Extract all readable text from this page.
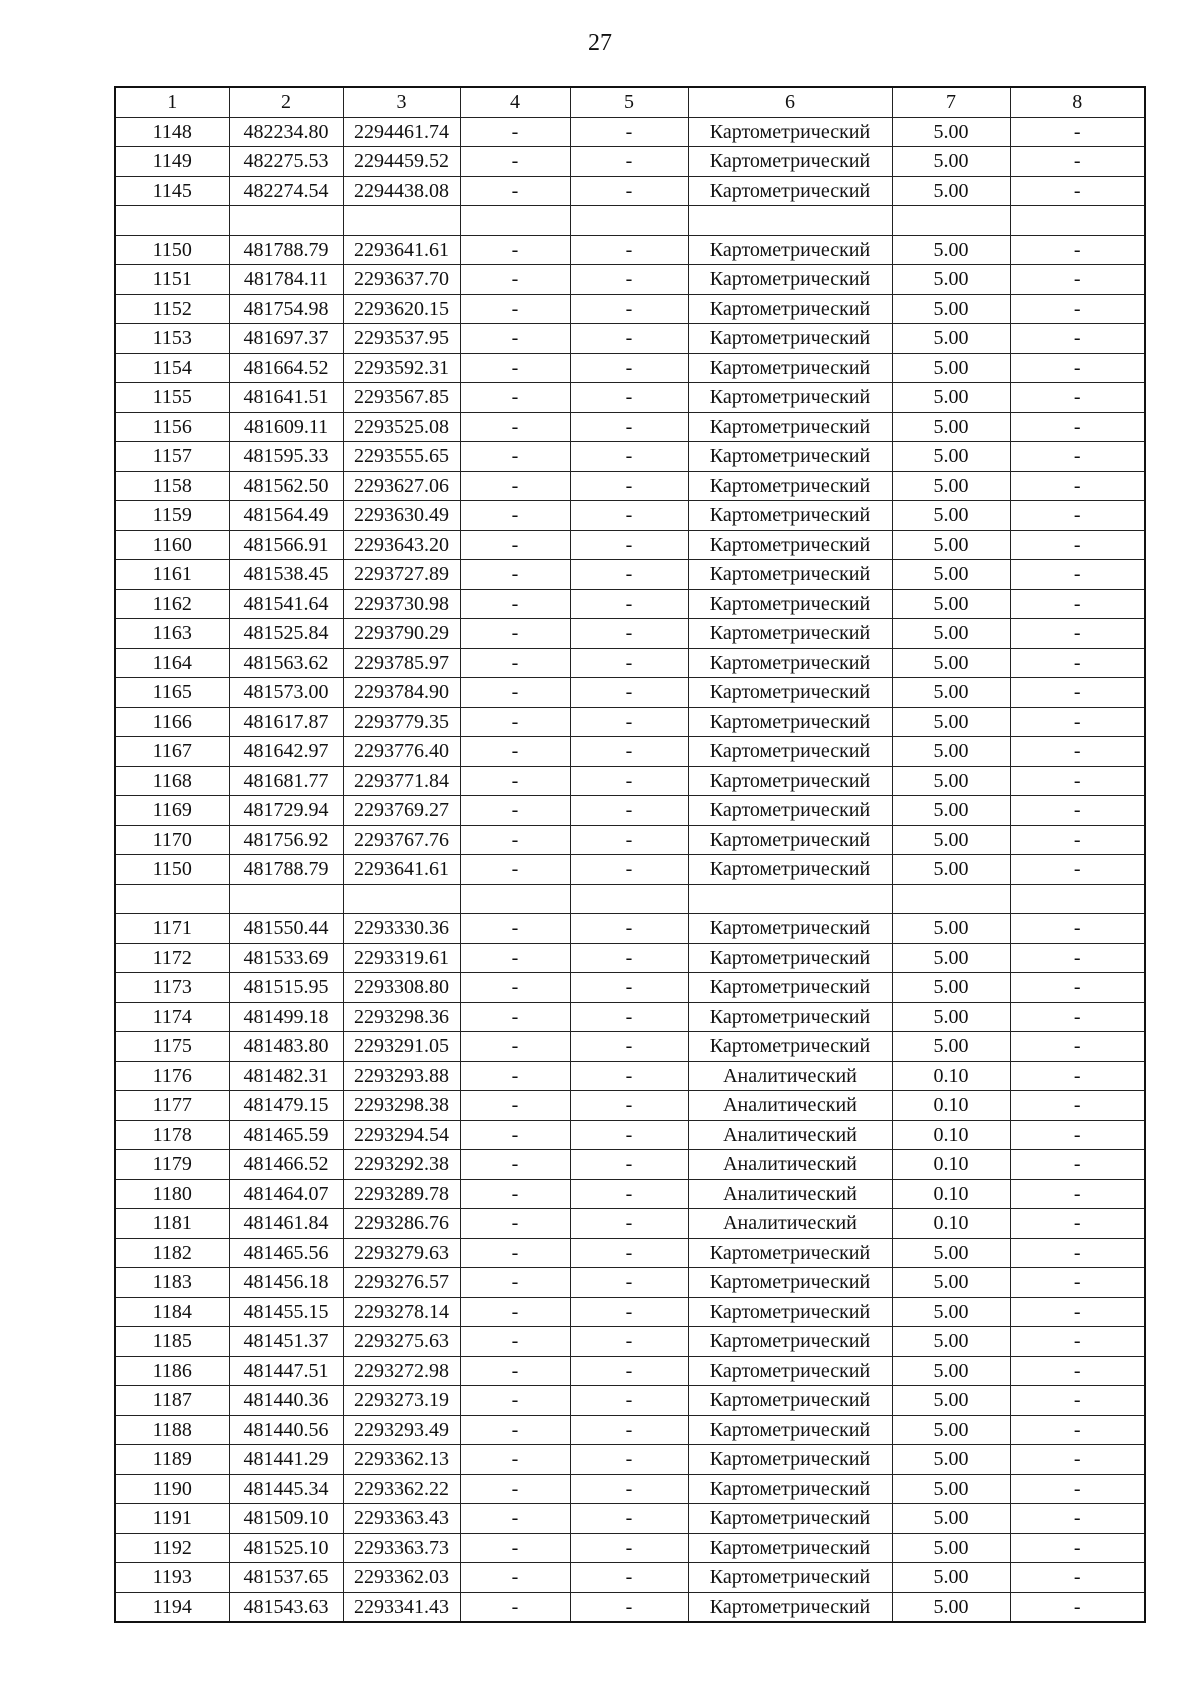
27
1	2	3	4	5	6	7	8
1148	482234.80	2294461.74	-	-	Картометрический	5.00	-
1149	482275.53	2294459.52	-	-	Картометрический	5.00	-
1145	482274.54	2294438.08	-	-	Картометрический	5.00	-

1150	481788.79	2293641.61	-	-	Картометрический	5.00	-
1151	481784.11	2293637.70	-	-	Картометрический	5.00	-
1152	481754.98	2293620.15	-	-	Картометрический	5.00	-
1153	481697.37	2293537.95	-	-	Картометрический	5.00	-
1154	481664.52	2293592.31	-	-	Картометрический	5.00	-
1155	481641.51	2293567.85	-	-	Картометрический	5.00	-
1156	481609.11	2293525.08	-	-	Картометрический	5.00	-
1157	481595.33	2293555.65	-	-	Картометрический	5.00	-
1158	481562.50	2293627.06	-	-	Картометрический	5.00	-
1159	481564.49	2293630.49	-	-	Картометрический	5.00	-
1160	481566.91	2293643.20	-	-	Картометрический	5.00	-
1161	481538.45	2293727.89	-	-	Картометрический	5.00	-
1162	481541.64	2293730.98	-	-	Картометрический	5.00	-
1163	481525.84	2293790.29	-	-	Картометрический	5.00	-
1164	481563.62	2293785.97	-	-	Картометрический	5.00	-
1165	481573.00	2293784.90	-	-	Картометрический	5.00	-
1166	481617.87	2293779.35	-	-	Картометрический	5.00	-
1167	481642.97	2293776.40	-	-	Картометрический	5.00	-
1168	481681.77	2293771.84	-	-	Картометрический	5.00	-
1169	481729.94	2293769.27	-	-	Картометрический	5.00	-
1170	481756.92	2293767.76	-	-	Картометрический	5.00	-
1150	481788.79	2293641.61	-	-	Картометрический	5.00	-

1171	481550.44	2293330.36	-	-	Картометрический	5.00	-
1172	481533.69	2293319.61	-	-	Картометрический	5.00	-
1173	481515.95	2293308.80	-	-	Картометрический	5.00	-
1174	481499.18	2293298.36	-	-	Картометрический	5.00	-
1175	481483.80	2293291.05	-	-	Картометрический	5.00	-
1176	481482.31	2293293.88	-	-	Аналитический	0.10	-
1177	481479.15	2293298.38	-	-	Аналитический	0.10	-
1178	481465.59	2293294.54	-	-	Аналитический	0.10	-
1179	481466.52	2293292.38	-	-	Аналитический	0.10	-
1180	481464.07	2293289.78	-	-	Аналитический	0.10	-
1181	481461.84	2293286.76	-	-	Аналитический	0.10	-
1182	481465.56	2293279.63	-	-	Картометрический	5.00	-
1183	481456.18	2293276.57	-	-	Картометрический	5.00	-
1184	481455.15	2293278.14	-	-	Картометрический	5.00	-
1185	481451.37	2293275.63	-	-	Картометрический	5.00	-
1186	481447.51	2293272.98	-	-	Картометрический	5.00	-
1187	481440.36	2293273.19	-	-	Картометрический	5.00	-
1188	481440.56	2293293.49	-	-	Картометрический	5.00	-
1189	481441.29	2293362.13	-	-	Картометрический	5.00	-
1190	481445.34	2293362.22	-	-	Картометрический	5.00	-
1191	481509.10	2293363.43	-	-	Картометрический	5.00	-
1192	481525.10	2293363.73	-	-	Картометрический	5.00	-
1193	481537.65	2293362.03	-	-	Картометрический	5.00	-
1194	481543.63	2293341.43	-	-	Картометрический	5.00	-
